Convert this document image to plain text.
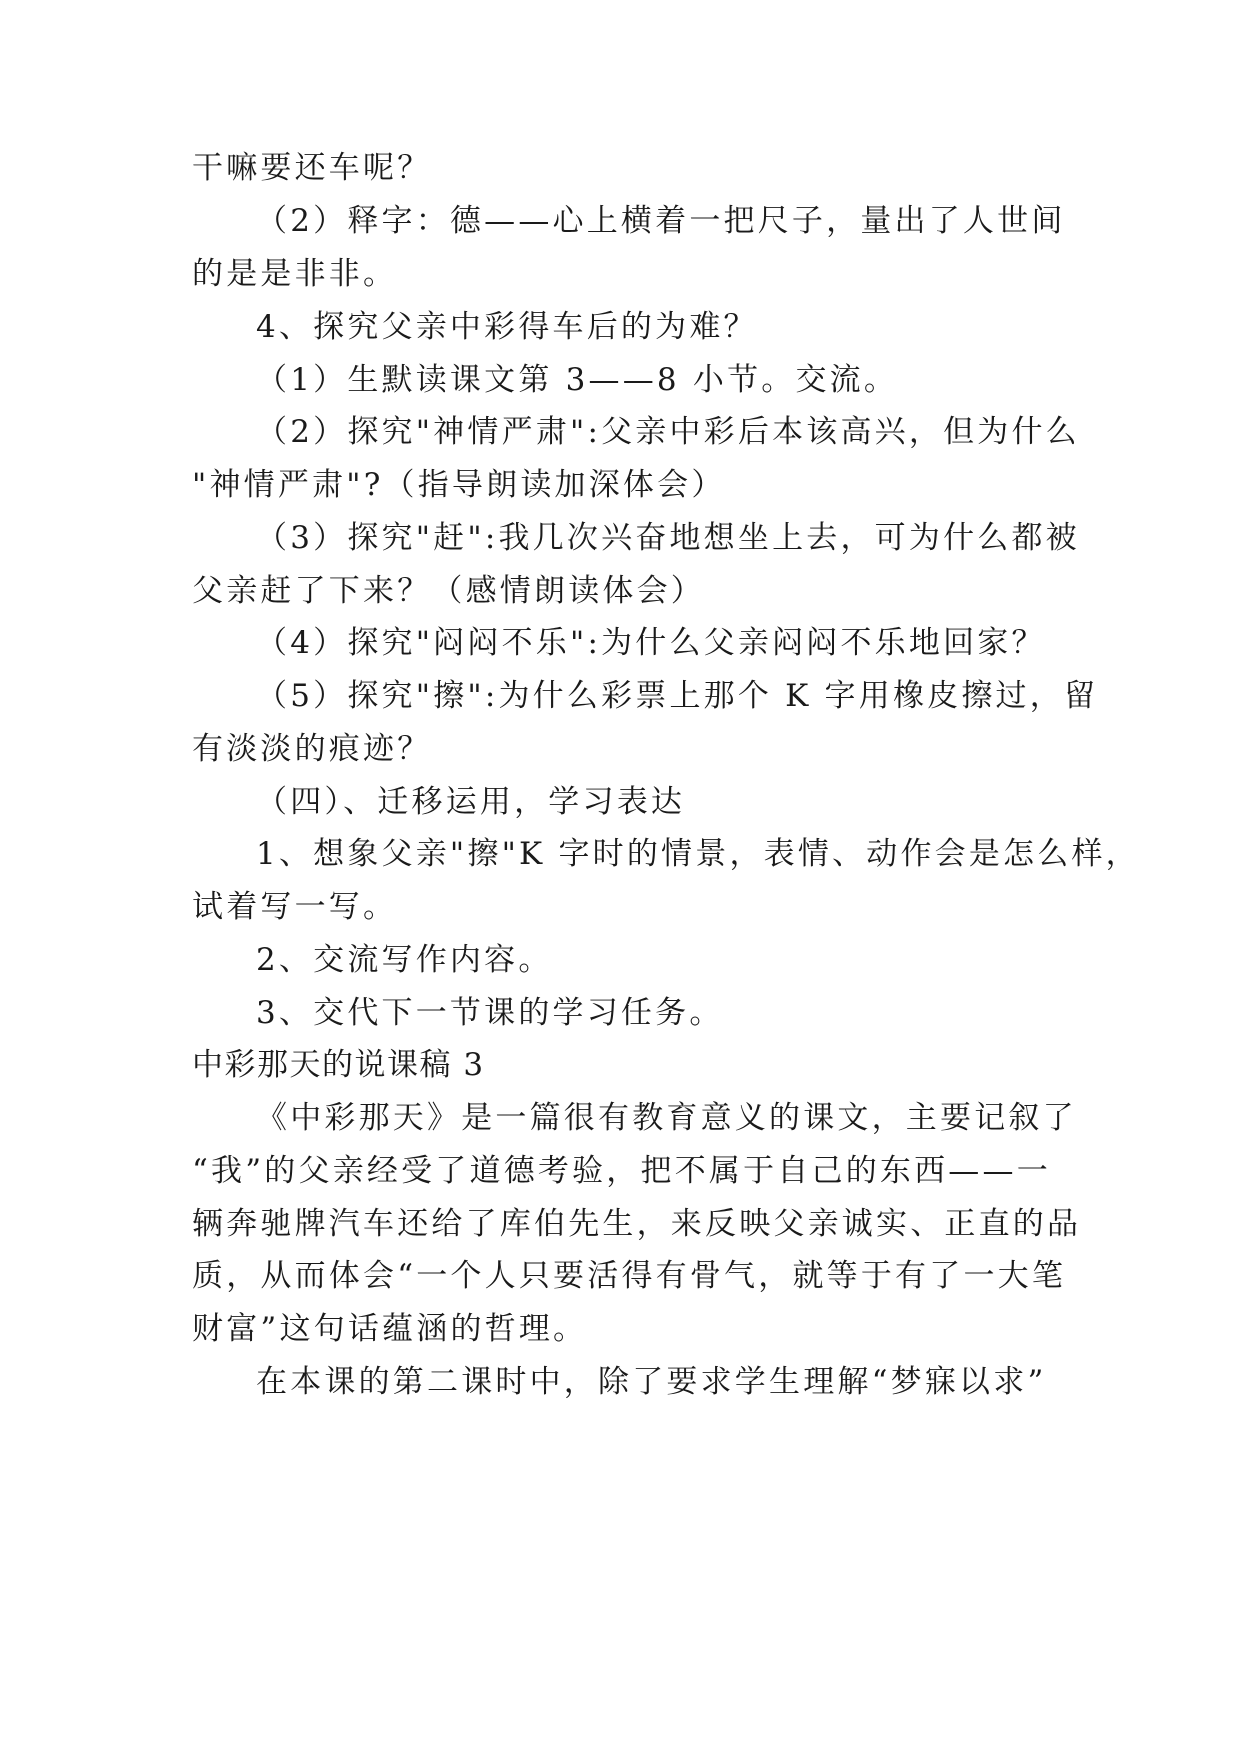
干嘛要还车呢？

（2）释字：德——心上横着一把尺子，量出了人世间

的是是非非。

4、探究父亲中彩得车后的为难？

（1）生默读课文第 3——8 小节。交流。

（2）探究"神情严肃":父亲中彩后本该高兴，但为什么

"神情严肃"?（指导朗读加深体会）

（3）探究"赶":我几次兴奋地想坐上去，可为什么都被

父亲赶了下来？（感情朗读体会）

（4）探究"闷闷不乐":为什么父亲闷闷不乐地回家？

（5）探究"擦":为什么彩票上那个 K 字用橡皮擦过，留

有淡淡的痕迹？

（四）、迁移运用，学习表达

1、想象父亲"擦"K 字时的情景，表情、动作会是怎么样，

试着写一写。

2、交流写作内容。

3、交代下一节课的学习任务。

中彩那天的说课稿 3

《中彩那天》是一篇很有教育意义的课文，主要记叙了

“我”的父亲经受了道德考验，把不属于自己的东西——一

辆奔驰牌汽车还给了库伯先生，来反映父亲诚实、正直的品

质，从而体会“一个人只要活得有骨气，就等于有了一大笔

财富”这句话蕴涵的哲理。

在本课的第二课时中，除了要求学生理解“梦寐以求”
